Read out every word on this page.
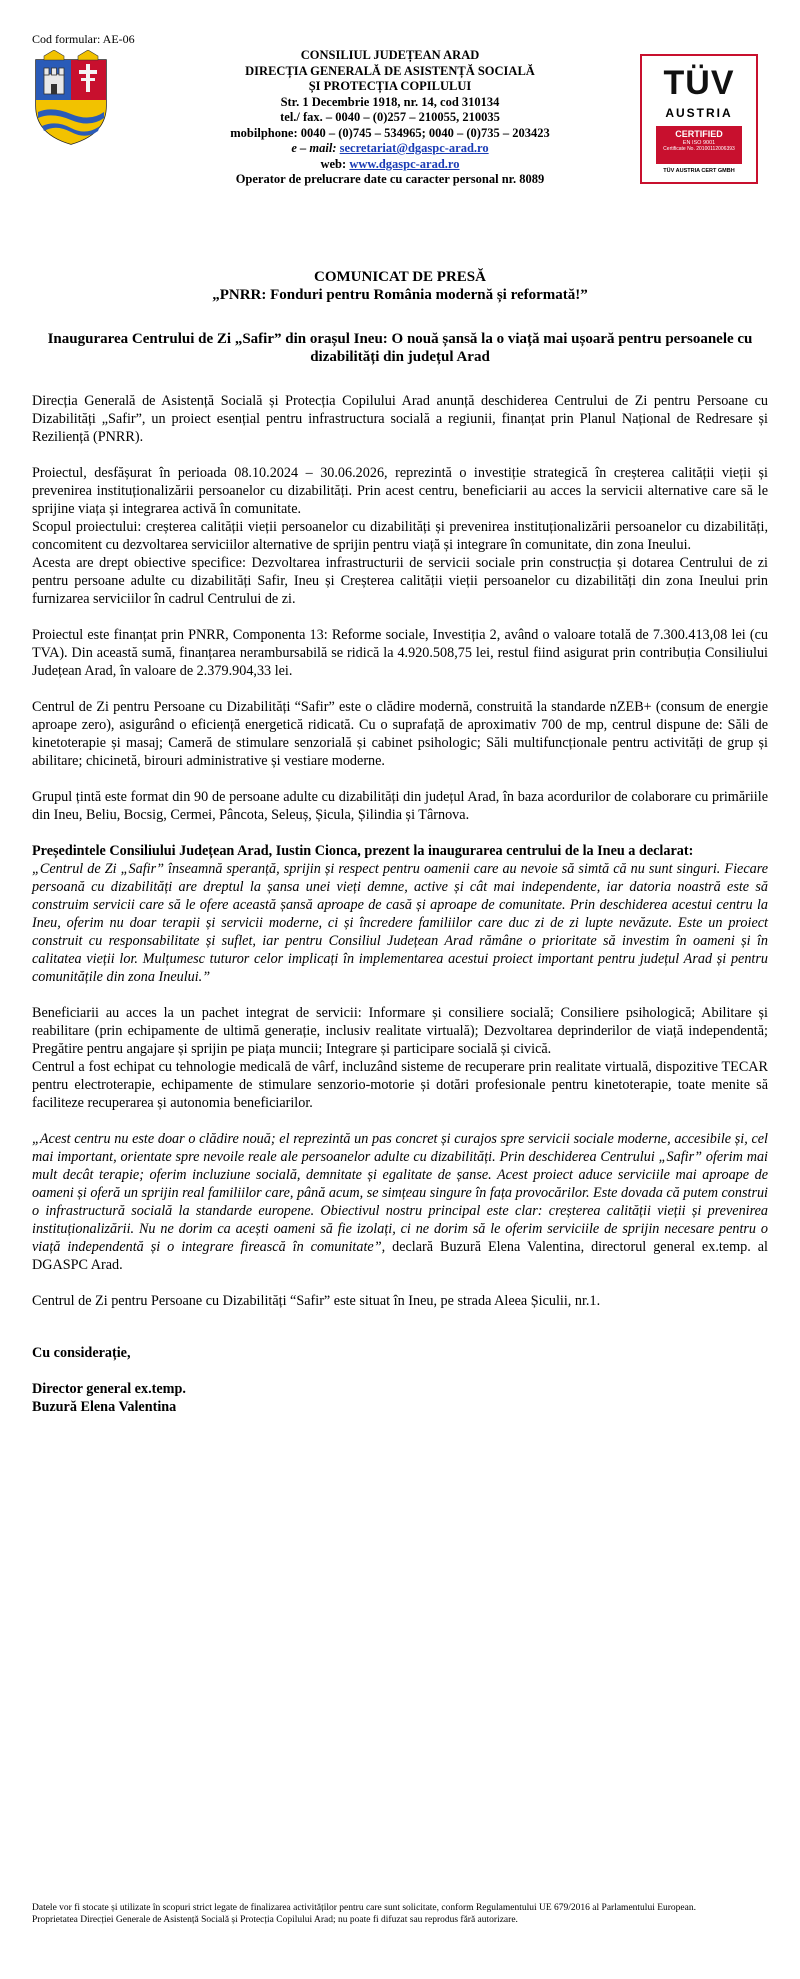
Cod formular: AE-06
CONSILIUL JUDEȚEAN ARAD
DIRECȚIA GENERALĂ DE ASISTENȚĂ SOCIALĂ
ȘI PROTECȚIA COPILULUI
Str. 1 Decembrie 1918, nr. 14, cod 310134
tel./ fax. – 0040 – (0)257 – 210055, 210035
mobilphone: 0040 – (0)745 – 534965; 0040 – (0)735 – 203423
e – mail: secretariat@dgaspc-arad.ro
web: www.dgaspc-arad.ro
Operator de prelucrare date cu caracter personal nr. 8089
TÜV
AUSTRIA
CERTIFIED
EN ISO 9001
Certificate No. 20100112006393
TÜV AUSTRIA CERT GMBH

COMUNICAT DE PRESĂ

„PNRR: Fonduri pentru România modernă și reformată!”

Inaugurarea Centrului de Zi „Safir” din orașul Ineu: O nouă șansă la o viață mai ușoară pentru persoanele cu dizabilități din județul Arad

Direcția Generală de Asistență Socială și Protecția Copilului Arad anunță deschiderea Centrului de Zi pentru Persoane cu Dizabilități „Safir”, un proiect esențial pentru infrastructura socială a regiunii, finanțat prin Planul Național de Redresare și Reziliență (PNRR).

Proiectul, desfășurat în perioada 08.10.2024 – 30.06.2026, reprezintă o investiție strategică în creșterea calității vieții și prevenirea instituționalizării persoanelor cu dizabilități. Prin acest centru, beneficiarii au acces la servicii alternative care să le sprijine viața și integrarea activă în comunitate.

Scopul proiectului: creșterea calității vieții persoanelor cu dizabilități și prevenirea instituționalizării persoanelor cu dizabilități, concomitent cu dezvoltarea serviciilor alternative de sprijin pentru viață și integrare în comunitate, din zona Ineului.

Acesta are drept obiective specifice: Dezvoltarea infrastructurii de servicii sociale prin construcția și dotarea Centrului de zi pentru persoane adulte cu dizabilități Safir, Ineu și Creșterea calității vieții persoanelor cu dizabilități din zona Ineului prin furnizarea serviciilor în cadrul Centrului de zi.

Proiectul este finanțat prin PNRR, Componenta 13: Reforme sociale, Investiția 2, având o valoare totală de 7.300.413,08 lei (cu TVA). Din această sumă, finanțarea nerambursabilă se ridică la 4.920.508,75 lei, restul fiind asigurat prin contribuția Consiliului Județean Arad, în valoare de 2.379.904,33 lei.

Centrul de Zi pentru Persoane cu Dizabilități “Safir” este o clădire modernă, construită la standarde nZEB+ (consum de energie aproape zero), asigurând o eficiență energetică ridicată. Cu o suprafață de aproximativ 700 de mp, centrul dispune de: Săli de kinetoterapie și masaj; Cameră de stimulare senzorială și cabinet psihologic; Săli multifuncționale pentru activități de grup și abilitare; chicinetă, birouri administrative și vestiare moderne.

Grupul țintă este format din 90 de persoane adulte cu dizabilități din județul Arad, în baza acordurilor de colaborare cu primăriile din Ineu, Beliu, Bocsig, Cermei, Pâncota, Seleuș, Șicula, Șilindia și Târnova.

Președintele Consiliului Județean Arad, Iustin Cionca, prezent la inaugurarea centrului de la Ineu a declarat:

„Centrul de Zi „Safir” înseamnă speranță, sprijin și respect pentru oamenii care au nevoie să simtă că nu sunt singuri. Fiecare persoană cu dizabilități are dreptul la șansa unei vieți demne, active și cât mai independente, iar datoria noastră este să construim servicii care să le ofere această șansă aproape de casă și aproape de comunitate. Prin deschiderea acestui centru la Ineu, oferim nu doar terapii și servicii moderne, ci și încredere familiilor care duc zi de zi lupte nevăzute. Este un proiect construit cu responsabilitate și suflet, iar pentru Consiliul Județean Arad rămâne o prioritate să investim în oameni și în calitatea vieții lor. Mulțumesc tuturor celor implicați în implementarea acestui proiect important pentru județul Arad și pentru comunitățile din zona Ineului.”

Beneficiarii au acces la un pachet integrat de servicii: Informare și consiliere socială; Consiliere psihologică; Abilitare și reabilitare (prin echipamente de ultimă generație, inclusiv realitate virtuală); Dezvoltarea deprinderilor de viață independentă; Pregătire pentru angajare și sprijin pe piața muncii; Integrare și participare socială și civică.

Centrul a fost echipat cu tehnologie medicală de vârf, incluzând sisteme de recuperare prin realitate virtuală, dispozitive TECAR pentru electroterapie, echipamente de stimulare senzorio-motorie și dotări profesionale pentru kinetoterapie, toate menite să faciliteze recuperarea și autonomia beneficiarilor.

„Acest centru nu este doar o clădire nouă; el reprezintă un pas concret și curajos spre servicii sociale moderne, accesibile și, cel mai important, orientate spre nevoile reale ale persoanelor adulte cu dizabilități. Prin deschiderea Centrului „Safir” oferim mai mult decât terapie; oferim incluziune socială, demnitate și egalitate de șanse. Acest proiect aduce serviciile mai aproape de oameni și oferă un sprijin real familiilor care, până acum, se simțeau singure în fața provocărilor. Este dovada că putem construi o infrastructură socială la standarde europene. Obiectivul nostru principal este clar: creșterea calității vieții și prevenirea instituționalizării. Nu ne dorim ca acești oameni să fie izolați, ci ne dorim să le oferim serviciile de sprijin necesare pentru o viață independentă și o integrare firească în comunitate”, declară Buzură Elena Valentina, directorul general ex.temp. al DGASPC Arad.

Centrul de Zi pentru Persoane cu Dizabilități “Safir” este situat în Ineu, pe strada Aleea Șiculii, nr.1.

Cu considerație,

Director general ex.temp.

Buzură Elena Valentina

Datele vor fi stocate și utilizate în scopuri strict legate de finalizarea activităților pentru care sunt solicitate, conform Regulamentului UE 679/2016 al Parlamentului European.
Proprietatea Direcției Generale de Asistență Socială și Protecția Copilului Arad; nu poate fi difuzat sau reprodus fără autorizare.
